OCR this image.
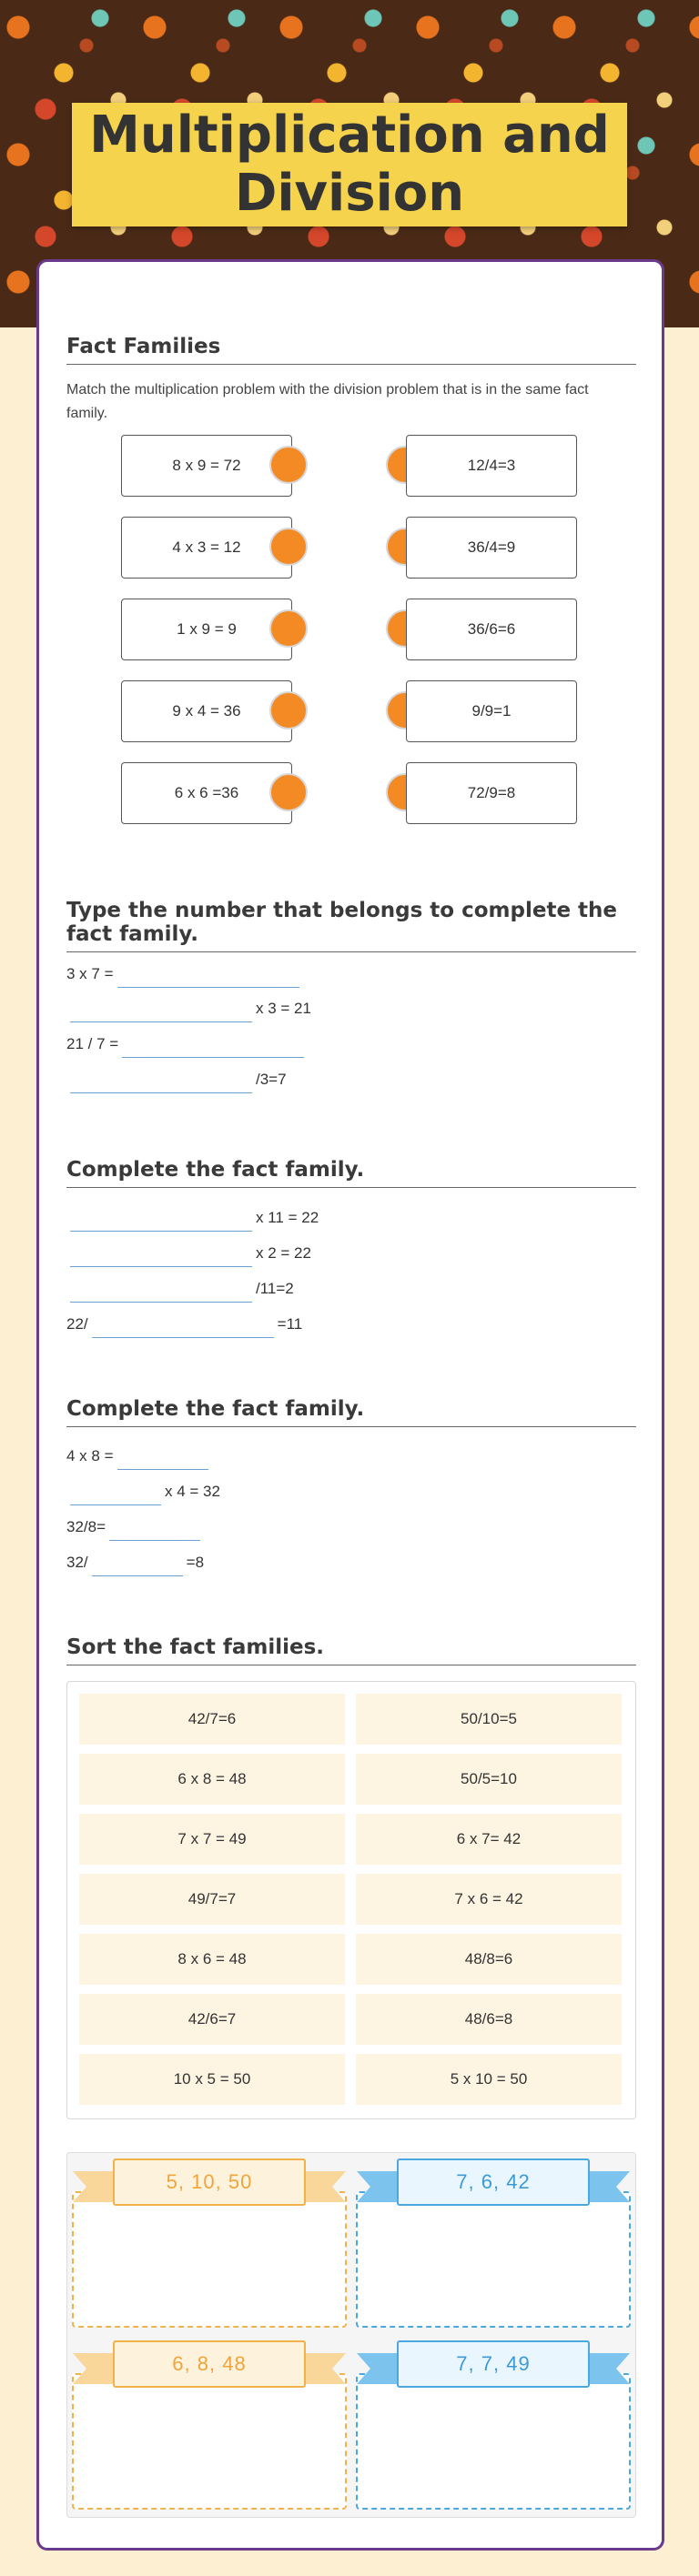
Multiplication and Division
Fact Families
Match the multiplication problem with the division problem that is in the same fact family.
8 x 9 = 72
4 x 3 = 12
1 x 9 = 9
9 x 4 = 36
6 x 6 =36
12/4=3
36/4=9
36/6=6
9/9=1
72/9=8
Type the number that belongs to complete the fact family.
3 x 7 =
x 3 = 21
21 / 7 =
/3=7
Complete the fact family.
x 11 = 22
x 2 = 22
/11=2
22/	=11
Complete the fact family.
4 x 8 =
x 4 = 32
32/8=
32/	=8
Sort the fact families.
42/7=6
6 x 8 = 48
7 x 7 = 49
49/7=7
8 x 6 = 48
42/6=7
10 x 5 = 50
50/10=5
50/5=10
6 x 7= 42
7 x 6 = 42
48/8=6
48/6=8
5 x 10 = 50
5, 10, 50	7, 6, 42
6, 8, 48	7, 7, 49
